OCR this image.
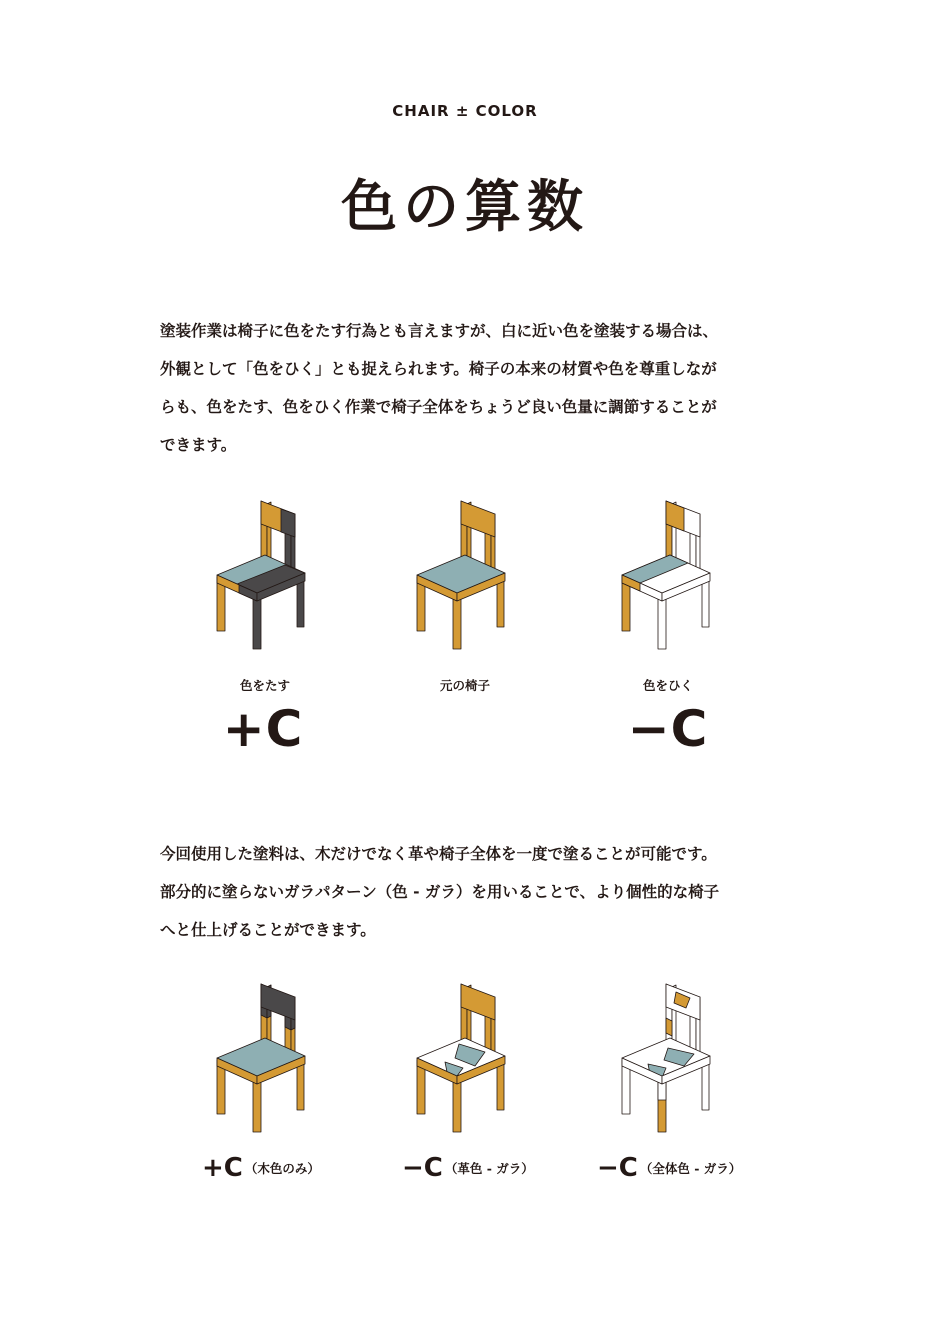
CHAIR ± COLOR
色の算数

塗装作業は椅子に色をたす行為とも言えますが、白に近い色を塗装する場合は、

外観として「色をひく」とも捉えられます。椅子の本来の材質や色を尊重しなが

らも、色をたす、色をひく作業で椅子全体をちょうど良い色量に調節することが

できます。

色をたす	元の椅子	色をひく
+C	−C

今回使用した塗料は、木だけでなく革や椅子全体を一度で塗ることが可能です。

部分的に塗らないガラパターン（色 - ガラ）を用いることで、より個性的な椅子

へと仕上げることができます。

+C （木色のみ）	−C （革色 - ガラ） −C （全体色 - ガラ）
